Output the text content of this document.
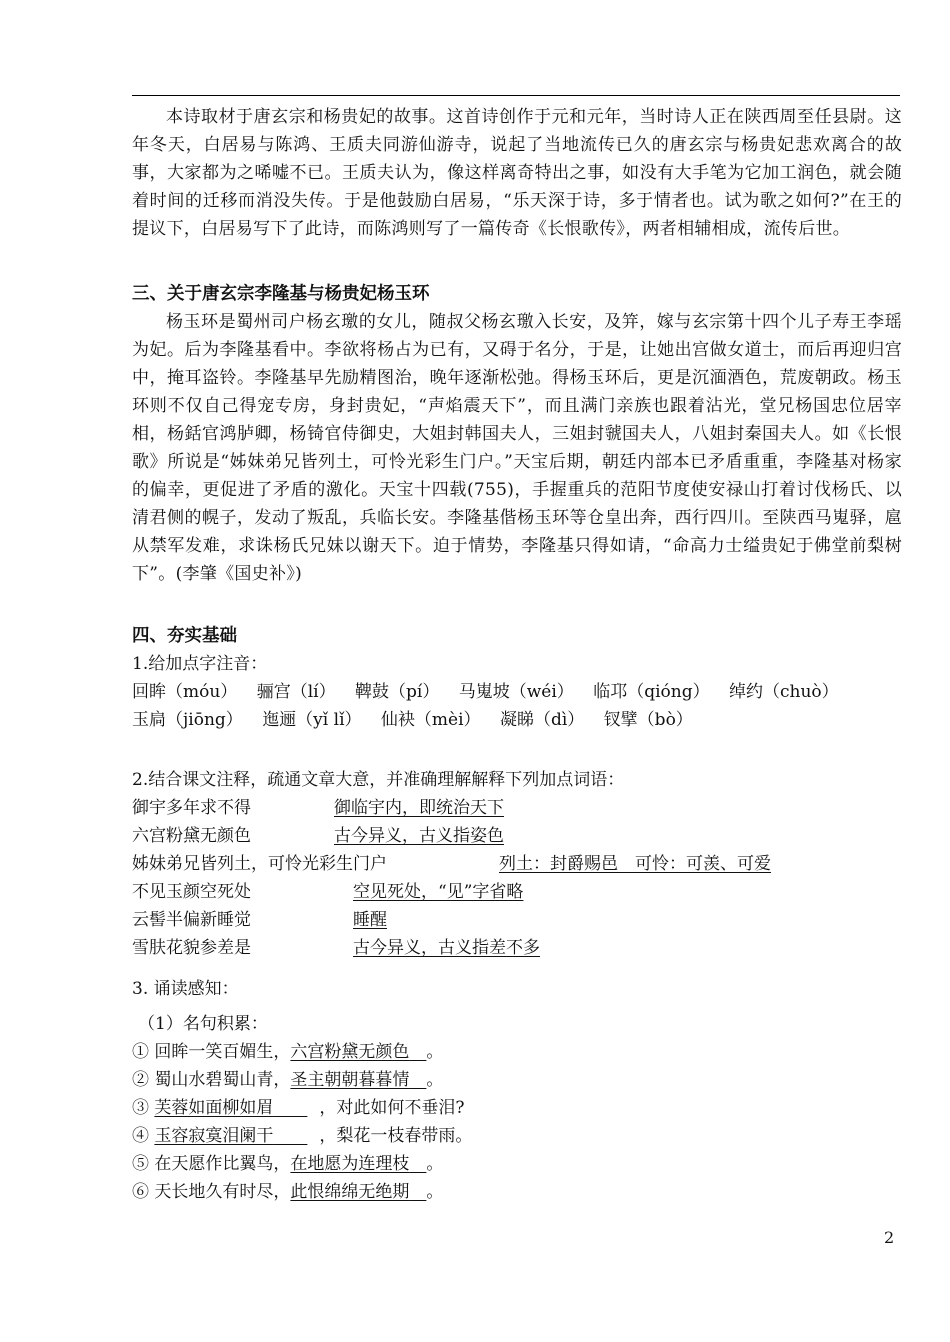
本诗取材于唐玄宗和杨贵妃的故事。这首诗创作于元和元年，当时诗人正在陕西周至任县尉。这年冬天，白居易与陈鸿、王质夫同游仙游寺，说起了当地流传已久的唐玄宗与杨贵妃悲欢离合的故事，大家都为之唏嘘不已。王质夫认为，像这样离奇特出之事，如没有大手笔为它加工润色，就会随着时间的迁移而消没失传。于是他鼓励白居易，“乐天深于诗，多于情者也。试为歌之如何?”在王的提议下，白居易写下了此诗，而陈鸿则写了一篇传奇《长恨歌传》，两者相辅相成，流传后世。

三、关于唐玄宗李隆基与杨贵妃杨玉环

杨玉环是蜀州司户杨玄璬的女儿，随叔父杨玄璬入长安，及笄，嫁与玄宗第十四个儿子寿王李瑶为妃。后为李隆基看中。李欲将杨占为已有，又碍于名分，于是，让她出宫做女道士，而后再迎归宫中，掩耳盗铃。李隆基早先励精图治，晚年逐渐松弛。得杨玉环后，更是沉湎酒色，荒废朝政。杨玉环则不仅自己得宠专房，身封贵妃，“声焰震天下”，而且满门亲族也跟着沾光，堂兄杨国忠位居宰相，杨銛官鸿胪卿，杨锜官侍御史，大姐封韩国夫人，三姐封虢国夫人，八姐封秦国夫人。如《长恨歌》所说是“姊妹弟兄皆列土，可怜光彩生门户。”天宝后期，朝廷内部本已矛盾重重，李隆基对杨家的偏幸，更促进了矛盾的激化。天宝十四载(755)，手握重兵的范阳节度使安禄山打着讨伐杨氏、以清君侧的幌子，发动了叛乱，兵临长安。李隆基偕杨玉环等仓皇出奔，西行四川。至陕西马嵬驿，扈从禁军发难，求诛杨氏兄妹以谢天下。迫于情势，李隆基只得如请，“命高力士缢贵妃于佛堂前梨树下”。(李肇《国史补》)

四、夯实基础

1.给加点字注音：

回眸（móu） 骊宫（lí） 鞞鼓（pí） 马嵬坡（wéi） 临邛（qióng） 绰约（chuò）

玉扃（jiōng） 迤逦（yǐ lǐ） 仙袂（mèi） 凝睇（dì） 钗擘（bò）

2.结合课文注释，疏通文章大意，并准确理解解释下列加点词语：
御宇多年求不得	御临宇内，即统治天下
六宫粉黛无颜色	古今异义，古义指姿色
姊妹弟兄皆列土，可怜光彩生门户	列土：封爵赐邑　可怜：可羡、可爱
不见玉颜空死处	空见死处，“见”字省略
云髻半偏新睡觉	睡醒
雪肤花貌参差是	古今异义，古义指差不多
3. 诵读感知：
（1）名句积累：
① 回眸一笑百媚生，六宫粉黛无颜色　 。
② 蜀山水碧蜀山青，圣主朝朝暮暮情　 。
③ 芙蓉如面柳如眉　　	，对此如何不垂泪?
④ 玉容寂寞泪阑干　　	，梨花一枝春带雨。
⑤ 在天愿作比翼鸟，在地愿为连理枝　 。
⑥ 天长地久有时尽，此恨绵绵无绝期　 。
2
